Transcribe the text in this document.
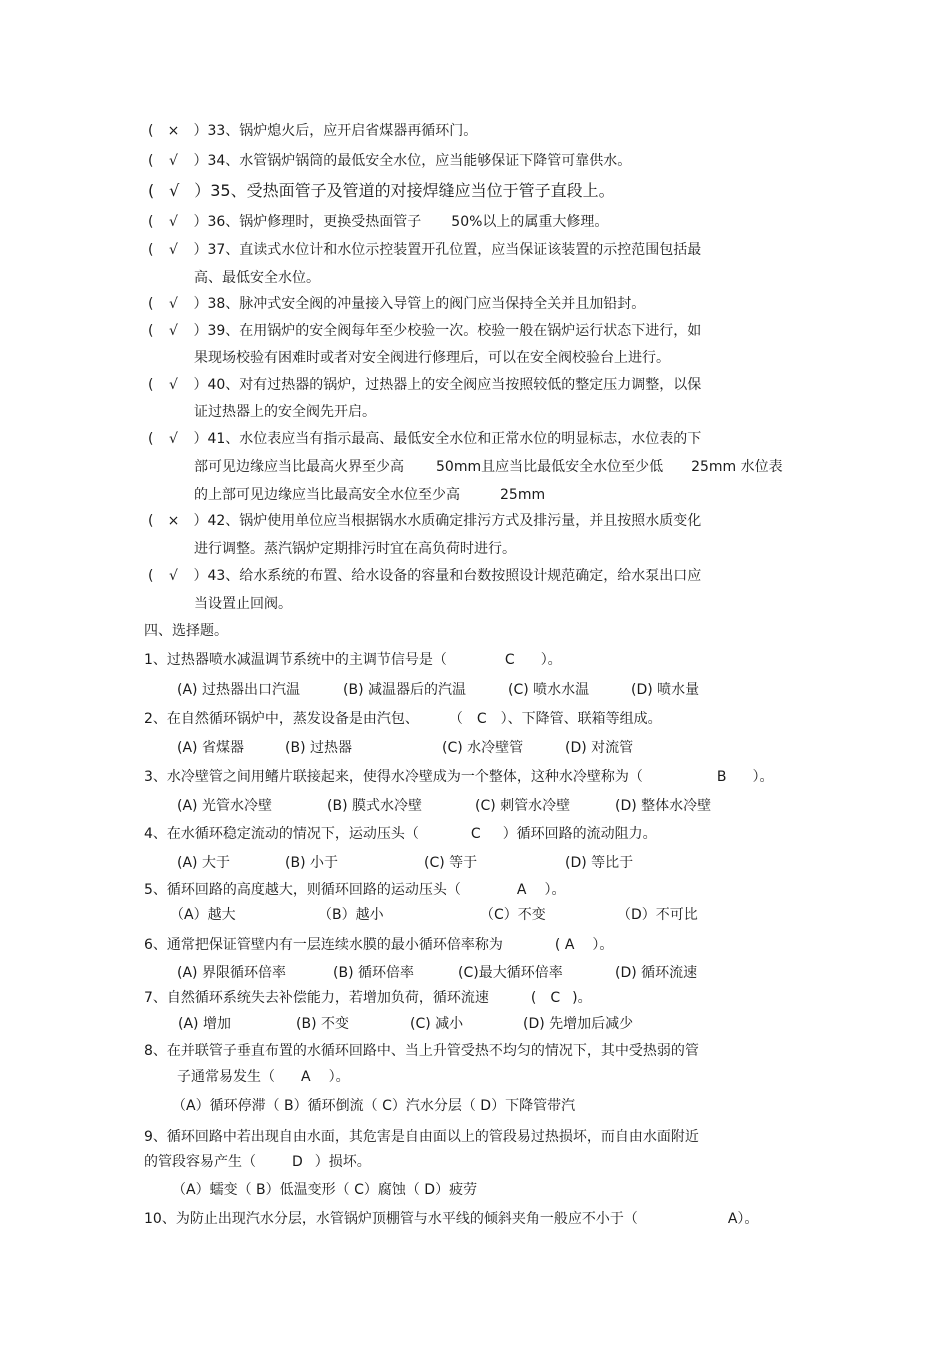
( × ）33、锅炉熄火后，应开启省煤器再循环门。
( √ ）34、水管锅炉锅筒的最低安全水位，应当能够保证下降管可靠供水。
( √ ）35、受热面管子及管道的对接焊缝应当位于管子直段上。
( √ ）36、锅炉修理时，更换受热面管子 50%以上的属重大修理。
( √ ）37、直读式水位计和水位示控装置开孔位置，应当保证该装置的示控范围包括最
高、最低安全水位。
( √ ）38、脉冲式安全阀的冲量接入导管上的阀门应当保持全关并且加铅封。
( √ ）39、在用锅炉的安全阀每年至少校验一次。校验一般在锅炉运行状态下进行，如
果现场校验有困难时或者对安全阀进行修理后，可以在安全阀校验台上进行。
( √ ）40、对有过热器的锅炉，过热器上的安全阀应当按照较低的整定压力调整，以保
证过热器上的安全阀先开启。
( √ ）41、水位表应当有指示最高、最低安全水位和正常水位的明显标志，水位表的下
部可见边缘应当比最高火界至少高 50mm且应当比最低安全水位至少低 25mm 水位表
的上部可见边缘应当比最高安全水位至少高	25mm
( × ）42、锅炉使用单位应当根据锅水水质确定排污方式及排污量，并且按照水质变化
进行调整。蒸汽锅炉定期排污时宜在高负荷时进行。
( √ ）43、给水系统的布置、给水设备的容量和台数按照设计规范确定，给水泵出口应
当设置止回阀。
四、选择题。
1、过热器喷水减温调节系统中的主调节信号是（	C ）。
(A) 过热器出口汽温	(B) 减温器后的汽温	(C) 喷水水温	(D) 喷水量
2、在自然循环锅炉中，蒸发设备是由汽包、 （　C　）、下降管、联箱等组成。
(A) 省煤器	(B) 过热器	(C) 水冷壁管	(D) 对流管
3、水冷壁管之间用鳍片联接起来，使得水冷壁成为一个整体，这种水冷壁称为（	B ）。
(A) 光管水冷壁	(B) 膜式水冷壁	(C) 刺管水冷壁	(D) 整体水冷壁
4、在水循环稳定流动的情况下，运动压头（	C ）循环回路的流动阻力。
(A) 大于	(B) 小于	(C) 等于	(D) 等比于
5、循环回路的高度越大，则循环回路的运动压头（	A ）。
（A）越大	（B）越小	（C）不变	（D）不可比
6、通常把保证管壁内有一层连续水膜的最小循环倍率称为	( A ）。
(A) 界限循环倍率	(B) 循环倍率	(C)最大循环倍率	(D) 循环流速
7、自然循环系统失去补偿能力，若增加负荷，循环流速	(　C )。
(A) 增加	(B) 不变	(C) 减小	(D) 先增加后减少
8、在并联管子垂直布置的水循环回路中、当上升管受热不均匀的情况下，其中受热弱的管
子通常易发生（ A ）。
（A）循环停滞（ B）循环倒流（ C）汽水分层（ D）下降管带汽
9、循环回路中若出现自由水面，其危害是自由面以上的管段易过热损坏，而自由水面附近
的管段容易产生（	D ）损坏。
（A）蠕变（ B）低温变形（ C）腐蚀（ D）疲劳
10、为防止出现汽水分层，水管锅炉顶棚管与水平线的倾斜夹角一般应不小于（	A）。
